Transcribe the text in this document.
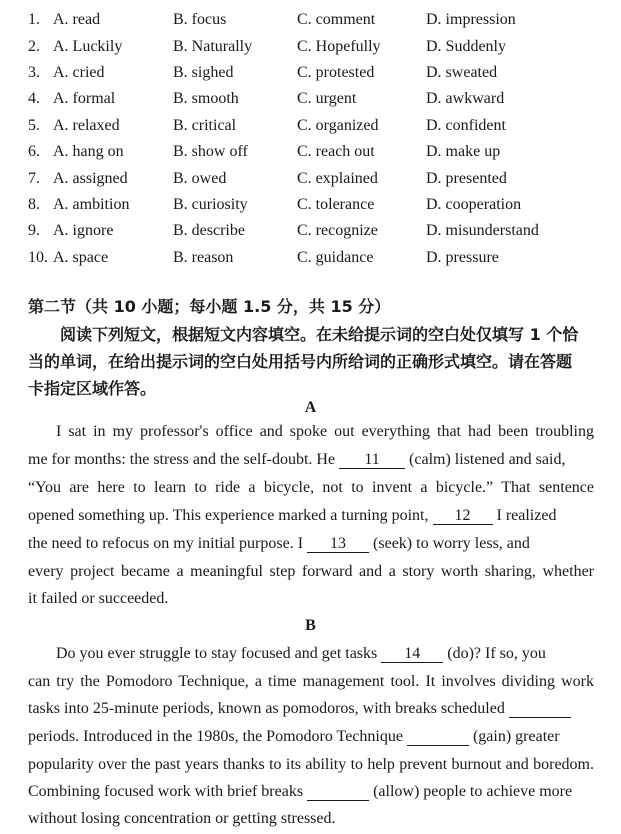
1. A. read	B. focus	C. comment	D. impression
2. A. Luckily	B. Naturally	C. Hopefully	D. Suddenly
3. A. cried	B. sighed	C. protested	D. sweated
4. A. formal	B. smooth	C. urgent	D. awkward
5. A. relaxed	B. critical	C. organized	D. confident
6. A. hang on	B. show off	C. reach out	D. make up
7. A. assigned	B. owed	C. explained	D. presented
8. A. ambition	B. curiosity	C. tolerance	D. cooperation
9. A. ignore	B. describe	C. recognize	D. misunderstand
10. A. space	B. reason	C. guidance	D. pressure
第二节（共 10 小题；每小题 1.5 分，共 15 分）
阅读下列短文，根据短文内容填空。在未给提示词的空白处仅填写 1 个恰
当的单词，在给出提示词的空白处用括号内所给词的正确形式填空。请在答题
卡指定区域作答。
A
I sat in my professor's office and spoke out everything that had been troubling
me for months: the stress and the self-doubt. He 11 (calm) listened and said,
“You are here to learn to ride a bicycle, not to invent a bicycle.” That sentence
opened something up. This experience marked a turning point, 12 I realized
the need to refocus on my initial purpose. I 13 (seek) to worry less, and
every project became a meaningful step forward and a story worth sharing, whether
it failed or succeeded.
B
Do you ever struggle to stay focused and get tasks 14 (do)? If so, you
can try the Pomodoro Technique, a time management tool. It involves dividing work
tasks into 25-minute periods, known as pomodoros, with breaks scheduled
periods. Introduced in the 1980s, the Pomodoro Technique	(gain) greater
popularity over the past years thanks to its ability to help prevent burnout and boredom.
Combining focused work with brief breaks	(allow) people to achieve more
without losing concentration or getting stressed.
